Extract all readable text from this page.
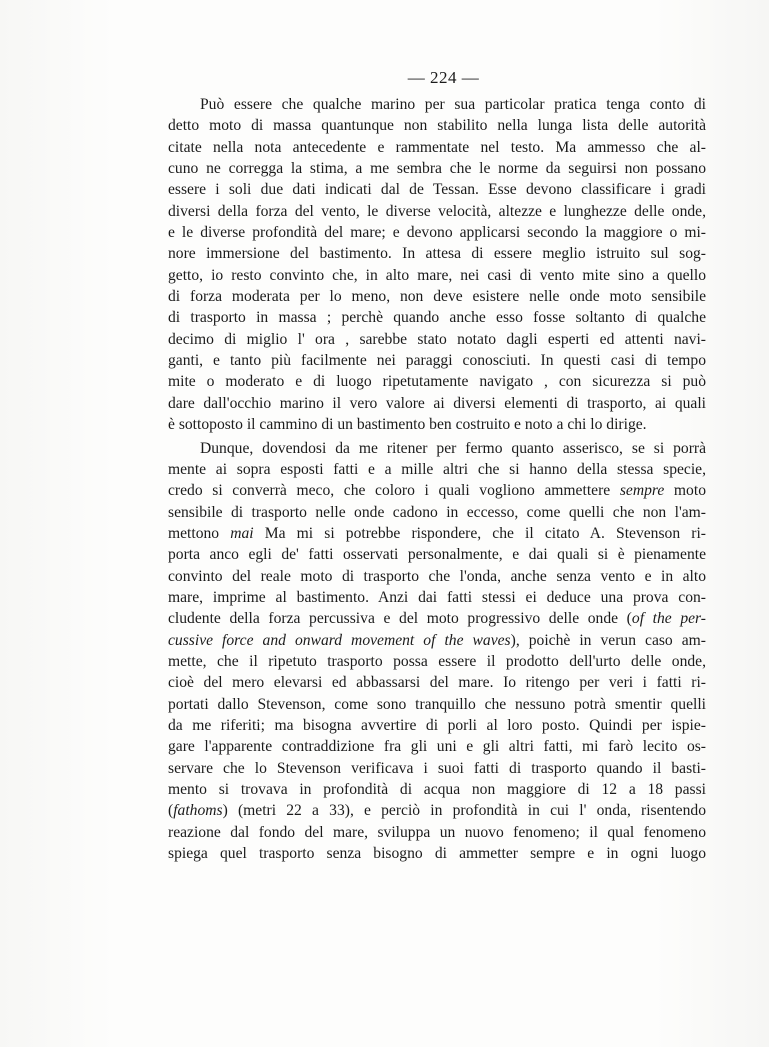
— 224 —
Può essere che qualche marino per sua particolar pratica tenga conto di
detto moto di massa quantunque non stabilito nella lunga lista delle autorità
citate nella nota antecedente e rammentate nel testo. Ma ammesso che al-
cuno ne corregga la stima, a me sembra che le norme da seguirsi non possano
essere i soli due dati indicati dal de Tessan. Esse devono classificare i gradi
diversi della forza del vento, le diverse velocità, altezze e lunghezze delle onde,
e le diverse profondità del mare; e devono applicarsi secondo la maggiore o mi-
nore immersione del bastimento. In attesa di essere meglio istruito sul sog-
getto, io resto convinto che, in alto mare, nei casi di vento mite sino a quello
di forza moderata per lo meno, non deve esistere nelle onde moto sensibile
di trasporto in massa ; perchè quando anche esso fosse soltanto di qualche
decimo di miglio l' ora , sarebbe stato notato dagli esperti ed attenti navi-
ganti, e tanto più facilmente nei paraggi conosciuti. In questi casi di tempo
mite o moderato e di luogo ripetutamente navigato , con sicurezza si può
dare dall'occhio marino il vero valore ai diversi elementi di trasporto, ai quali
è sottoposto il cammino di un bastimento ben costruito e noto a chi lo dirige.
Dunque, dovendosi da me ritener per fermo quanto asserisco, se si porrà
mente ai sopra esposti fatti e a mille altri che si hanno della stessa specie,
credo si converrà meco, che coloro i quali vogliono ammettere sempre moto
sensibile di trasporto nelle onde cadono in eccesso, come quelli che non l'am-
mettono mai Ma mi si potrebbe rispondere, che il citato A. Stevenson ri-
porta anco egli de' fatti osservati personalmente, e dai quali si è pienamente
convinto del reale moto di trasporto che l'onda, anche senza vento e in alto
mare, imprime al bastimento. Anzi dai fatti stessi ei deduce una prova con-
cludente della forza percussiva e del moto progressivo delle onde (of the per-
cussive force and onward movement of the waves), poichè in verun caso am-
mette, che il ripetuto trasporto possa essere il prodotto dell'urto delle onde,
cioè del mero elevarsi ed abbassarsi del mare. Io ritengo per veri i fatti ri-
portati dallo Stevenson, come sono tranquillo che nessuno potrà smentir quelli
da me riferiti; ma bisogna avvertire di porli al loro posto. Quindi per ispie-
gare l'apparente contraddizione fra gli uni e gli altri fatti, mi farò lecito os-
servare che lo Stevenson verificava i suoi fatti di trasporto quando il basti-
mento si trovava in profondità di acqua non maggiore di 12 a 18 passi
(fathoms) (metri 22 a 33), e perciò in profondità in cui l' onda, risentendo
reazione dal fondo del mare, sviluppa un nuovo fenomeno; il qual fenomeno
spiega quel trasporto senza bisogno di ammetter sempre e in ogni luogo
